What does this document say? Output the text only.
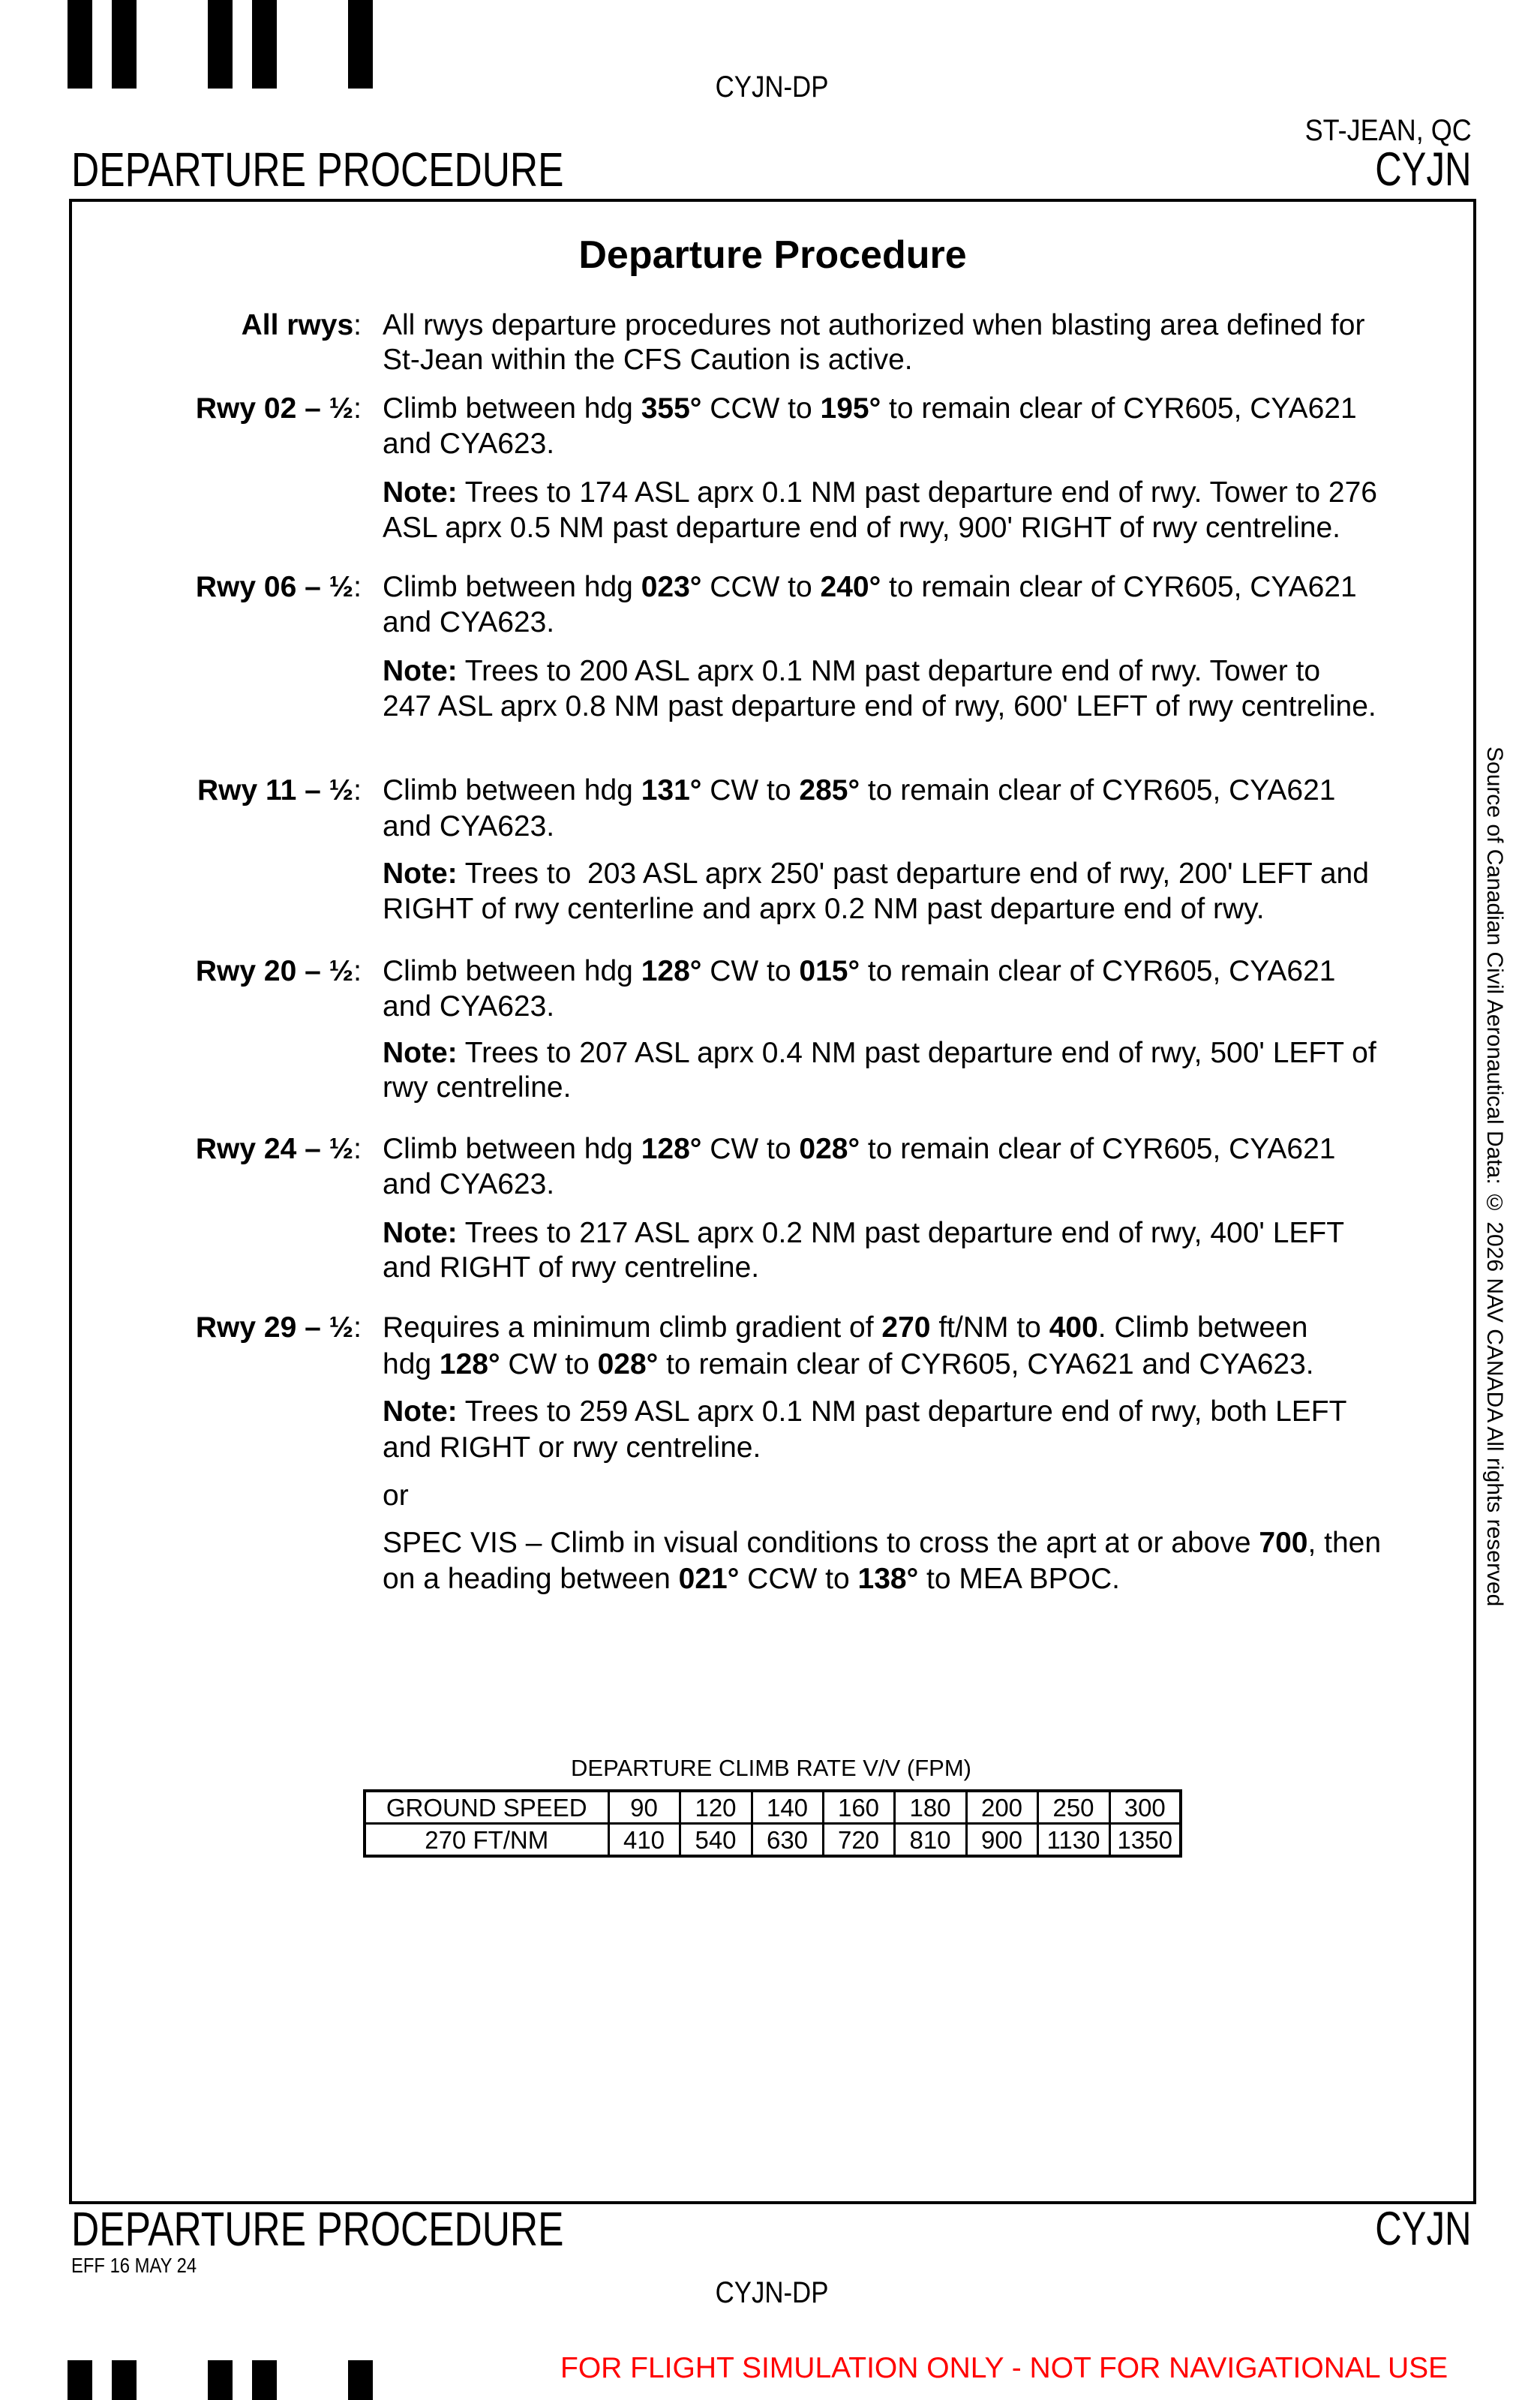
CYJN-DP
ST-JEAN, QC
DEPARTURE PROCEDURE	CYJN
Departure Procedure
All rwys: All rwys departure procedures not authorized when blasting area defined for
St-Jean within the CFS Caution is active.
Rwy 02 – ½: Climb between hdg 355° CCW to 195° to remain clear of CYR605, CYA621
and CYA623.
Note: Trees to 174 ASL aprx 0.1 NM past departure end of rwy. Tower to 276
ASL aprx 0.5 NM past departure end of rwy, 900' RIGHT of rwy centreline.
Rwy 06 – ½: Climb between hdg 023° CCW to 240° to remain clear of CYR605, CYA621
and CYA623.
Note: Trees to 200 ASL aprx 0.1 NM past departure end of rwy. Tower to
247 ASL aprx 0.8 NM past departure end of rwy, 600' LEFT of rwy centreline.
Rwy 11 – ½: Climb between hdg 131° CW to 285° to remain clear of CYR605, CYA621
and CYA623.
Note: Trees to  203 ASL aprx 250' past departure end of rwy, 200' LEFT and
RIGHT of rwy centerline and aprx 0.2 NM past departure end of rwy.
Rwy 20 – ½: Climb between hdg 128° CW to 015° to remain clear of CYR605, CYA621
and CYA623.
Note: Trees to 207 ASL aprx 0.4 NM past departure end of rwy, 500' LEFT of
rwy centreline.
Rwy 24 – ½: Climb between hdg 128° CW to 028° to remain clear of CYR605, CYA621
and CYA623.
Note: Trees to 217 ASL aprx 0.2 NM past departure end of rwy, 400' LEFT
and RIGHT of rwy centreline.
Rwy 29 – ½: Requires a minimum climb gradient of 270 ft/NM to 400. Climb between
hdg 128° CW to 028° to remain clear of CYR605, CYA621 and CYA623.
Note: Trees to 259 ASL aprx 0.1 NM past departure end of rwy, both LEFT
and RIGHT or rwy centreline.
or
SPEC VIS – Climb in visual conditions to cross the aprt at or above 700, then
on a heading between 021° CCW to 138° to MEA BPOC.
DEPARTURE CLIMB RATE V/V (FPM)
GROUND SPEED	90	120	140	160	180	200	250	300
270 FT/NM	410	540	630	720	810	900	1130	1350
Source of Canadian Civil Aeronautical Data: © 2026 NAV CANADA All rights reserved
DEPARTURE PROCEDURE	CYJN
EFF 16 MAY 24
CYJN-DP
FOR FLIGHT SIMULATION ONLY - NOT FOR NAVIGATIONAL USE
